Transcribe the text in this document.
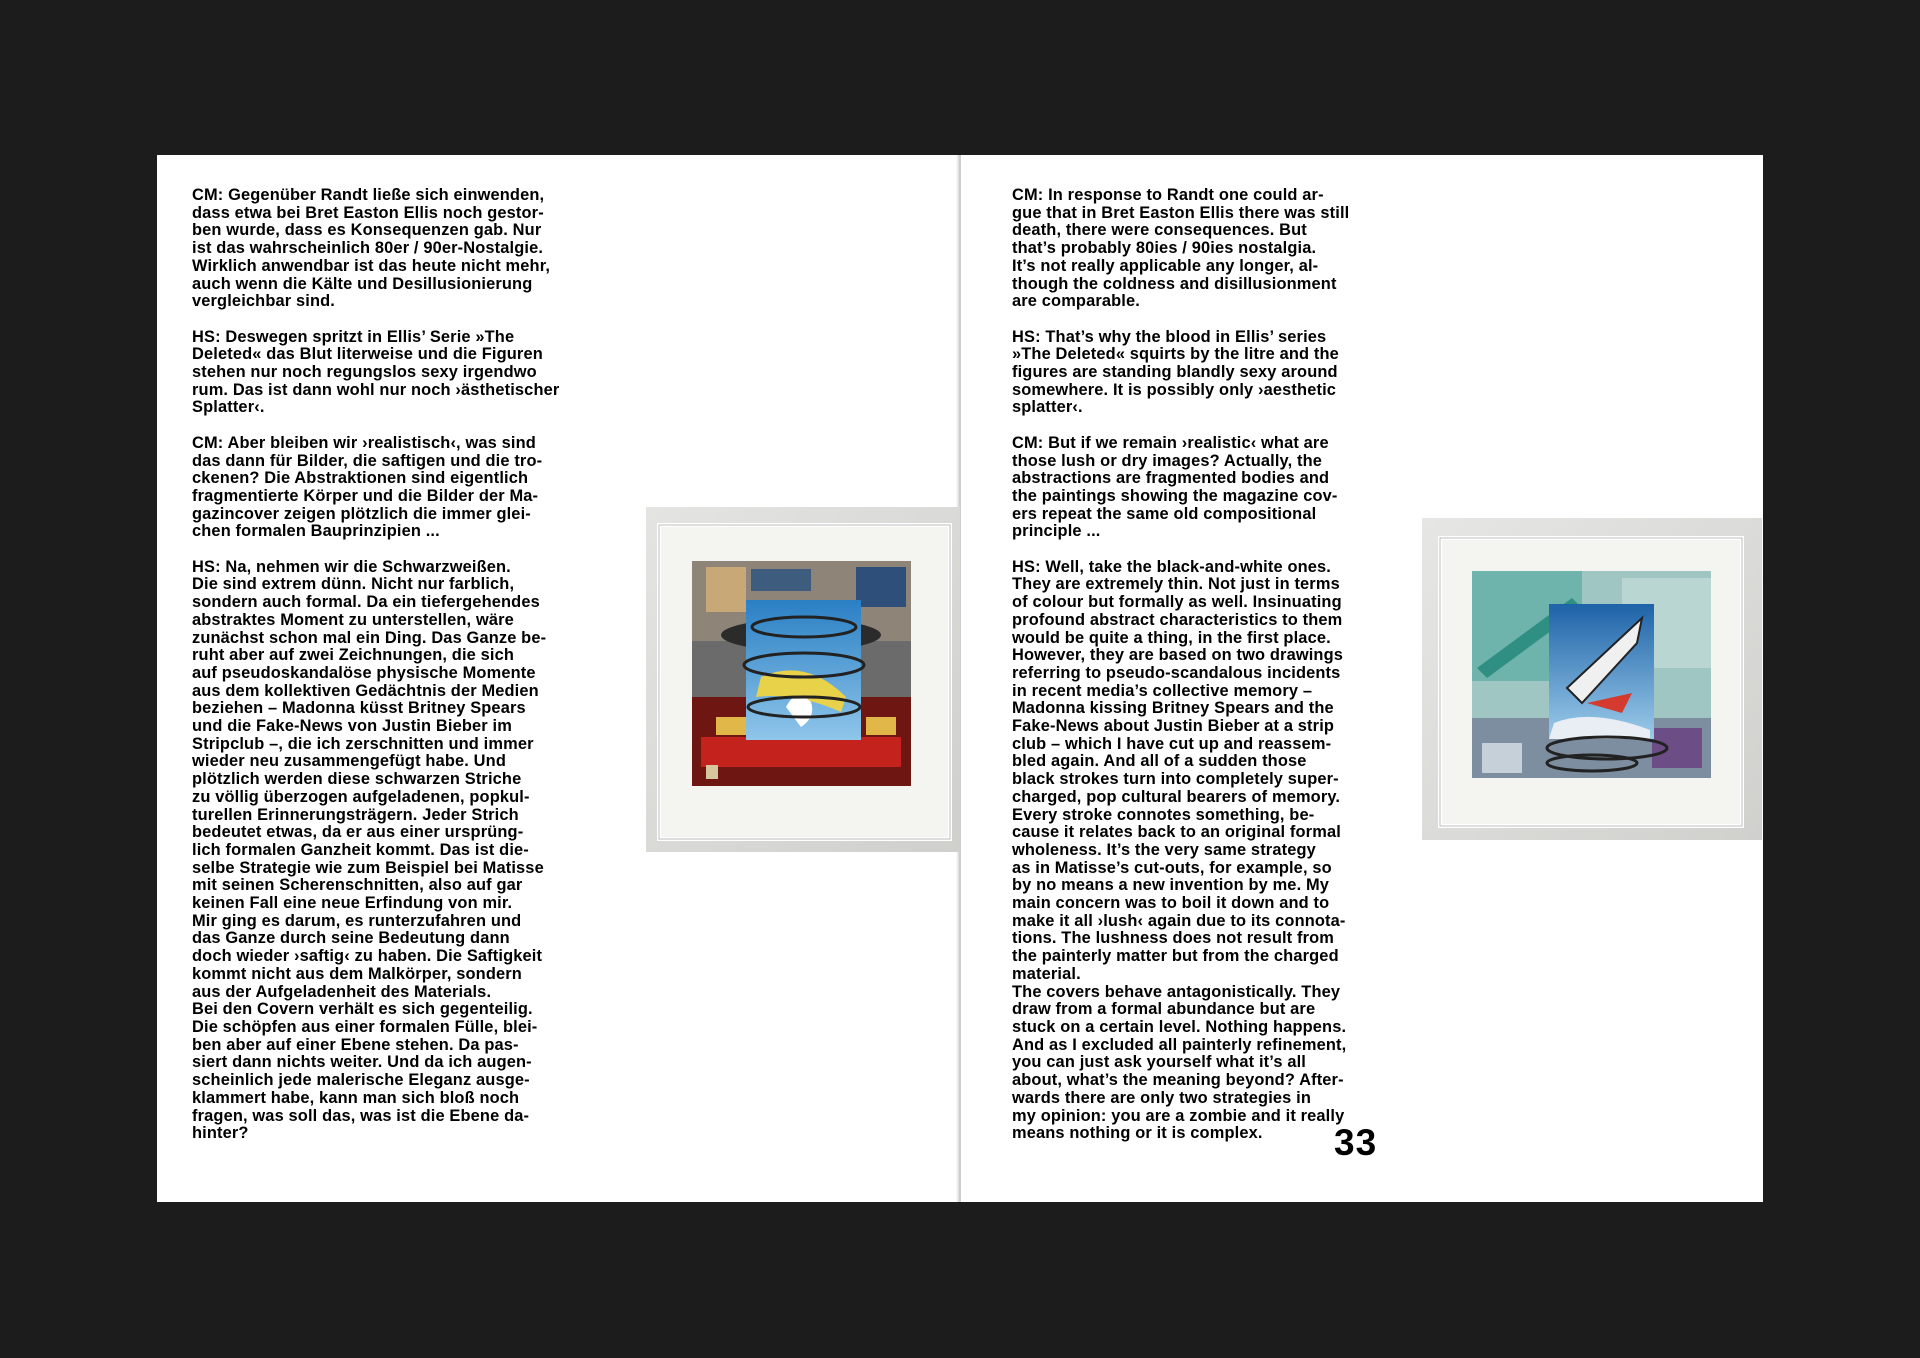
CM: Gegenüber Randt ließe sich einwenden,
dass etwa bei Bret Easton Ellis noch gestor-
ben wurde, dass es Konsequenzen gab. Nur
ist das wahrscheinlich 80er / 90er-Nostalgie.
Wirklich anwendbar ist das heute nicht mehr,
auch wenn die Kälte und Desillusionierung
vergleichbar sind.
HS: Deswegen spritzt in Ellis’ Serie »The
Deleted« das Blut literweise und die Figuren
stehen nur noch regungslos sexy irgendwo
rum. Das ist dann wohl nur noch ›ästhetischer
Splatter‹.
CM: Aber bleiben wir ›realistisch‹, was sind
das dann für Bilder, die saftigen und die tro-
ckenen? Die Abstraktionen sind eigentlich
fragmentierte Körper und die Bilder der Ma-
gazincover zeigen plötzlich die immer glei-
chen formalen Bauprinzipien ...
HS: Na, nehmen wir die Schwarzweißen.
Die sind extrem dünn. Nicht nur farblich,
sondern auch formal. Da ein tiefergehendes
abstraktes Moment zu unterstellen, wäre
zunächst schon mal ein Ding. Das Ganze be-
ruht aber auf zwei Zeichnungen, die sich
auf pseudoskandalöse physische Momente
aus dem kollektiven Gedächtnis der Medien
beziehen – Madonna küsst Britney Spears
und die Fake-News von Justin Bieber im
Stripclub –, die ich zerschnitten und immer
wieder neu zusammengefügt habe. Und
plötzlich werden diese schwarzen Striche
zu völlig überzogen aufgeladenen, popkul-
turellen Erinnerungsträgern. Jeder Strich
bedeutet etwas, da er aus einer ursprüng-
lich formalen Ganzheit kommt. Das ist die-
selbe Strategie wie zum Beispiel bei Matisse
mit seinen Scherenschnitten, also auf gar
keinen Fall eine neue Erfindung von mir.
Mir ging es darum, es runterzufahren und
das Ganze durch seine Bedeutung dann
doch wieder ›saftig‹ zu haben. Die Saftigkeit
kommt nicht aus dem Malkörper, sondern
aus der Aufgeladenheit des Materials.
Bei den Covern verhält es sich gegenteilig.
Die schöpfen aus einer formalen Fülle, blei-
ben aber auf einer Ebene stehen. Da pas-
siert dann nichts weiter. Und da ich augen-
scheinlich jede malerische Eleganz ausge-
klammert habe, kann man sich bloß noch
fragen, was soll das, was ist die Ebene da-
hinter?
CM: In response to Randt one could ar-
gue that in Bret Easton Ellis there was still
death, there were consequences. But
that’s probably 80ies / 90ies nostalgia.
It’s not really applicable any longer, al-
though the coldness and disillusionment
are comparable.
HS: That’s why the blood in Ellis’ series
»The Deleted« squirts by the litre and the
figures are standing blandly sexy around
somewhere. It is possibly only ›aesthetic
splatter‹.
CM: But if we remain ›realistic‹ what are
those lush or dry images? Actually, the
abstractions are fragmented bodies and
the paintings showing the magazine cov-
ers repeat the same old compositional
principle ...
HS: Well, take the black-and-white ones.
They are extremely thin. Not just in terms
of colour but formally as well. Insinuating
profound abstract characteristics to them
would be quite a thing, in the first place.
However, they are based on two drawings
referring to pseudo-scandalous incidents
in recent media’s collective memory –
Madonna kissing Britney Spears and the
Fake-News about Justin Bieber at a strip
club – which I have cut up and reassem-
bled again. And all of a sudden those
black strokes turn into completely super-
charged, pop cultural bearers of memory.
Every stroke connotes something, be-
cause it relates back to an original formal
wholeness. It’s the very same strategy
as in Matisse’s cut-outs, for example, so
by no means a new invention by me. My
main concern was to boil it down and to
make it all ›lush‹ again due to its connota-
tions. The lushness does not result from
the painterly matter but from the charged
material.
The covers behave antagonistically. They
draw from a formal abundance but are
stuck on a certain level. Nothing happens.
And as I excluded all painterly refinement,
you can just ask yourself what it’s all
about, what’s the meaning beyond? After-
wards there are only two strategies in
my opinion: you are a zombie and it really
means nothing or it is complex.	33
